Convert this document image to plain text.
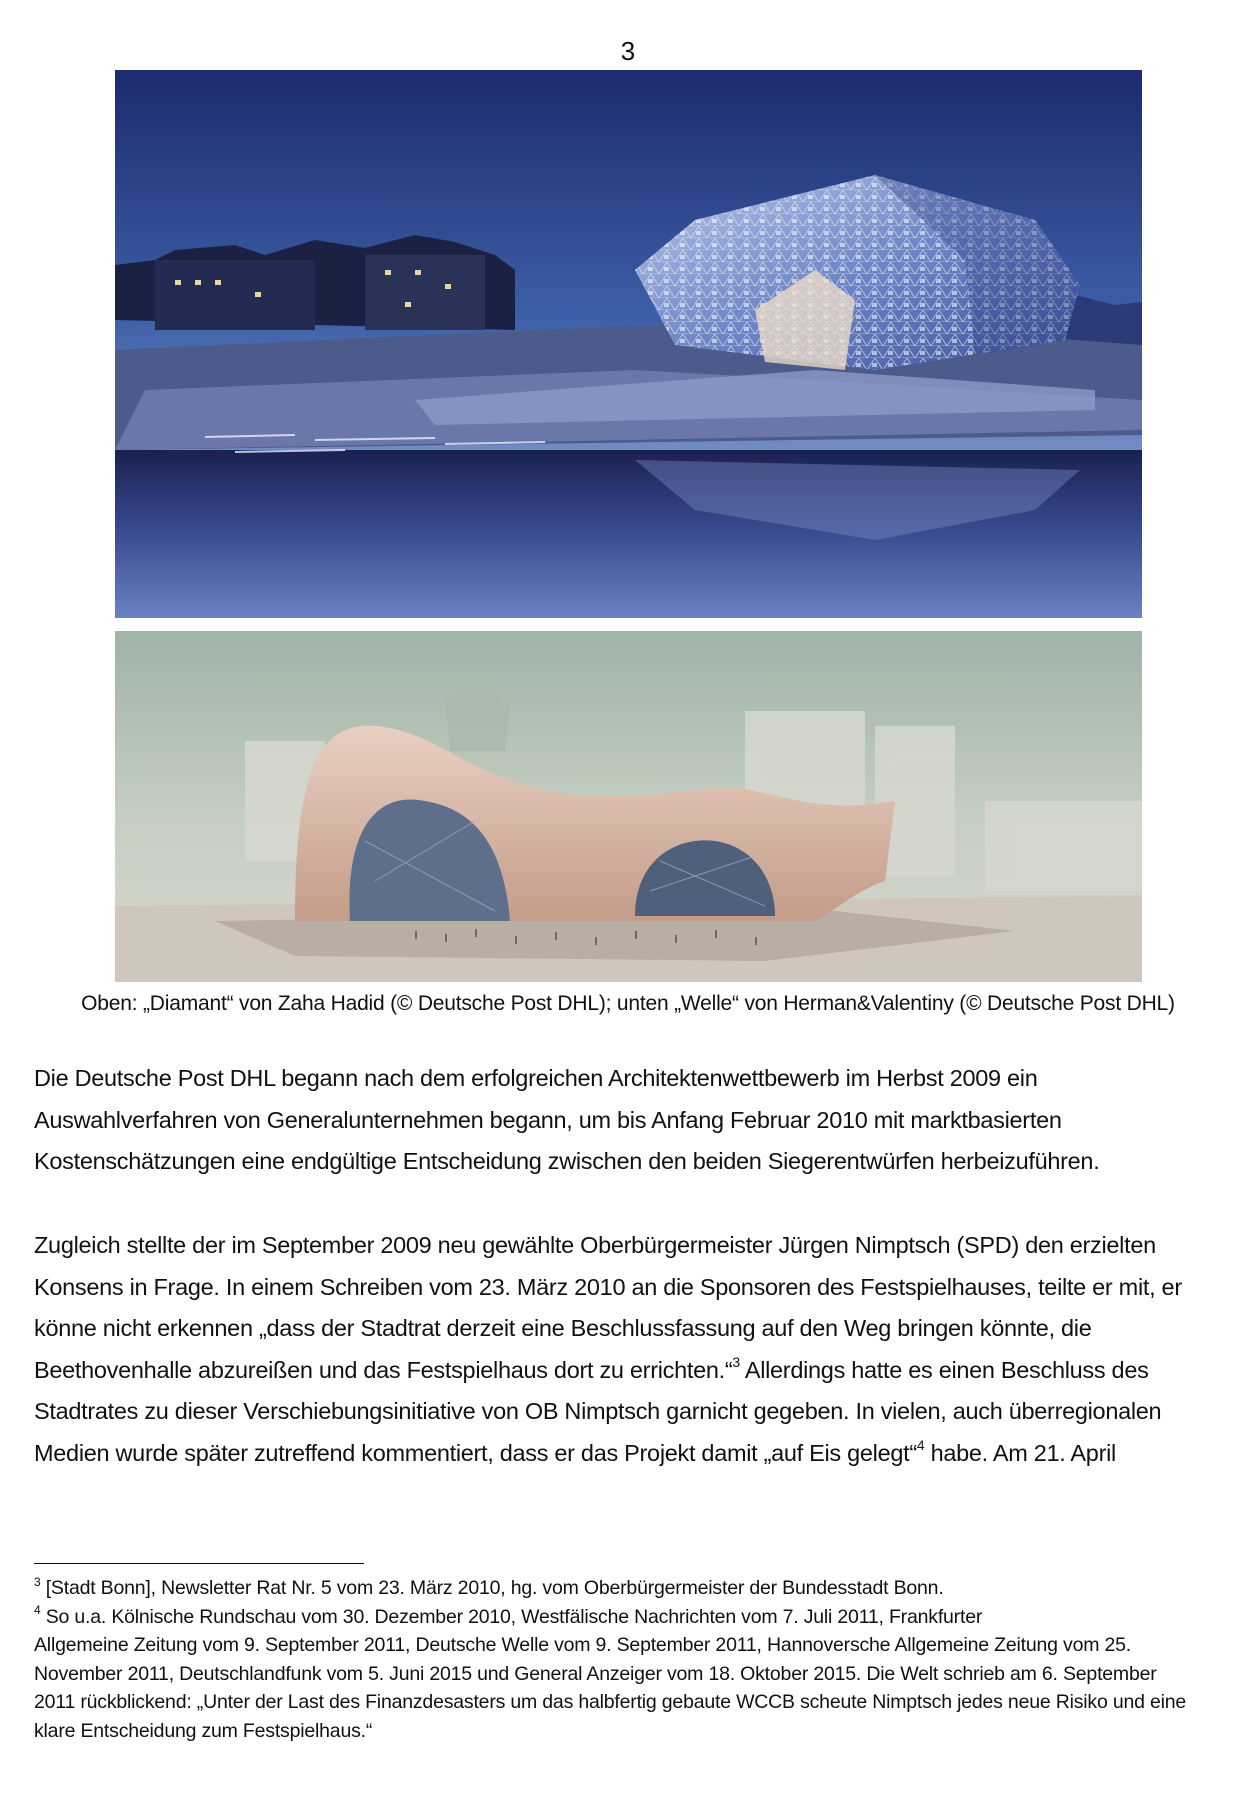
3
Oben: „Diamant“ von Zaha Hadid (© Deutsche Post DHL); unten „Welle“ von Herman&Valentiny (© Deutsche Post DHL)
Die Deutsche Post DHL begann nach dem erfolgreichen Architektenwettbewerb im Herbst 2009 ein
Auswahlverfahren von Generalunternehmen begann, um bis Anfang Februar 2010 mit marktbasierten
Kostenschätzungen eine endgültige Entscheidung zwischen den beiden Siegerentwürfen herbeizuführen.
Zugleich stellte der im September 2009 neu gewählte Oberbürgermeister Jürgen Nimptsch (SPD) den erzielten
Konsens in Frage. In einem Schreiben vom 23. März 2010 an die Sponsoren des Festspielhauses, teilte er mit, er
könne nicht erkennen „dass der Stadtrat derzeit eine Beschlussfassung auf den Weg bringen könnte, die
Beethovenhalle abzureißen und das Festspielhaus dort zu errichten.“$^3$ Allerdings hatte es einen Beschluss des
Stadtrates zu dieser Verschiebungsinitiative von OB Nimptsch garnicht gegeben. In vielen, auch überregionalen
Medien wurde später zutreffend kommentiert, dass er das Projekt damit „auf Eis gelegt“$^4$ habe. Am 21. April
$^3$ [Stadt Bonn], Newsletter Rat Nr. 5 vom 23. März 2010, hg. vom Oberbürgermeister der Bundesstadt Bonn.
$^4$ So u.a. Kölnische Rundschau vom 30. Dezember 2010, Westfälische Nachrichten vom 7. Juli 2011, Frankfurter
Allgemeine Zeitung vom 9. September 2011, Deutsche Welle vom 9. September 2011, Hannoversche Allgemeine Zeitung vom 25.
November 2011, Deutschlandfunk vom 5. Juni 2015 und General Anzeiger vom 18. Oktober 2015. Die Welt schrieb am 6. September
2011 rückblickend: „Unter der Last des Finanzdesasters um das halbfertig gebaute WCCB scheute Nimptsch jedes neue Risiko und eine
klare Entscheidung zum Festspielhaus.“
